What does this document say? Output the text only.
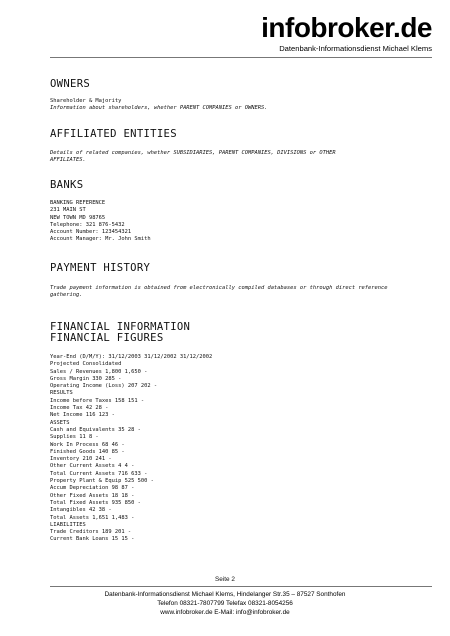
infobroker.de
Datenbank-Informationsdienst Michael Klems
OWNERS
Shareholder & Majority
Information about shareholders, whether PARENT COMPANIES or OWNERS.
AFFILIATED ENTITIES
Details of related companies, whether SUBSIDIARIES, PARENT COMPANIES, DIVISIONS or OTHER AFFILIATES.
BANKS
BANKING REFERENCE
231 MAIN ST
NEW TOWN MD 98765
Telephone: 321 876-5432
Account Number: 123454321
Account Manager: Mr. John Smith
PAYMENT HISTORY
Trade payment information is obtained from electronically compiled databases or through direct reference gathering.
FINANCIAL INFORMATION
FINANCIAL FIGURES
Year-End (D/M/Y): 31/12/2003 31/12/2002 31/12/2002
Projected Consolidated
Sales / Revenues 1,800 1,650 -
Gross Margin 330 285 -
Operating Income (Loss) 207 202 -
RESULTS
Income before Taxes 158 151 -
Income Tax 42 28 -
Net Income 116 123 -
ASSETS
Cash and Equivalents 35 28 -
Supplies 11 8 -
Work In Process 68 46 -
Finished Goods 140 85 -
Inventory 210 241 -
Other Current Assets 4 4 -
Total Current Assets 716 633 -
Property Plant & Equip 525 500 -
Accum Depreciation 98 87 -
Other Fixed Assets 18 18 -
Total Fixed Assets 935 850 -
Intangibles 42 38 -
Total Assets 1,651 1,483 -
LIABILITIES
Trade Creditors 189 201 -
Current Bank Loans 15 15 -
Seite 2
Datenbank-Informationsdienst Michael Klems, Hindelanger Str.35 – 87527 Sonthofen
Telefon 08321-7807799 Telefax 08321-8054256
www.infobroker.de E-Mail: info@infobroker.de
